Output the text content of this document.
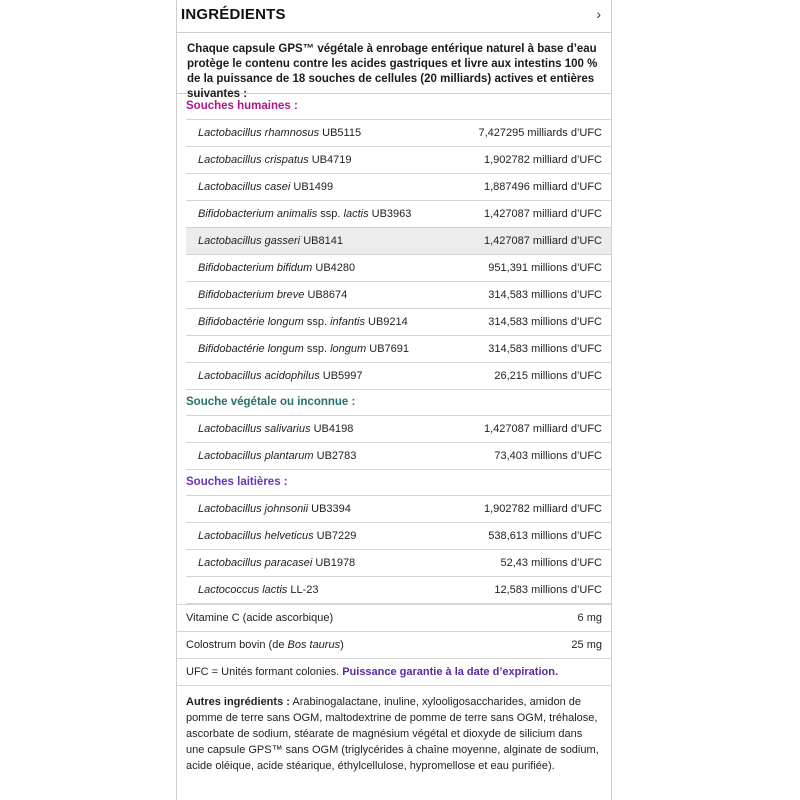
INGRÉDIENTS	›
Chaque capsule GPS™ végétale à enrobage entérique naturel à base d’eau protège le contenu contre les acides gastriques et livre aux intestins 100 % de la puissance de 18 souches de cellules (20 milliards) actives et entières suivantes :
Souches humaines :
Lactobacillus rhamnosus UB5115	7,427295 milliards d’UFC
Lactobacillus crispatus UB4719	1,902782 milliard d’UFC
Lactobacillus casei UB1499	1,887496 milliard d’UFC
Bifidobacterium animalis ssp. lactis UB3963	1,427087 milliard d’UFC
Lactobacillus gasseri UB8141	1,427087 milliard d’UFC
Bifidobacterium bifidum UB4280	951,391 millions d’UFC
Bifidobacterium breve UB8674	314,583 millions d’UFC
Bifidobactérie longum ssp. infantis UB9214	314,583 millions d’UFC
Bifidobactérie longum ssp. longum UB7691	314,583 millions d’UFC
Lactobacillus acidophilus UB5997	26,215 millions d’UFC
Souche végétale ou inconnue :
Lactobacillus salivarius UB4198	1,427087 milliard d’UFC
Lactobacillus plantarum UB2783	73,403 millions d’UFC
Souches laitières :
Lactobacillus johnsonii UB3394	1,902782 milliard d’UFC
Lactobacillus helveticus UB7229	538,613 millions d’UFC
Lactobacillus paracasei UB1978	52,43 millions d’UFC
Lactococcus lactis LL-23	12,583 millions d’UFC
Vitamine C (acide ascorbique)	6 mg
Colostrum bovin (de Bos taurus)	25 mg
UFC = Unités formant colonies. Puissance garantie à la date d’expiration.
Autres ingrédients : Arabinogalactane, inuline, xylooligosaccharides, amidon de pomme de terre sans OGM, maltodextrine de pomme de terre sans OGM, tréhalose, ascorbate de sodium, stéarate de magnésium végétal et dioxyde de silicium dans une capsule GPS™ sans OGM (triglycérides à chaîne moyenne, alginate de sodium, acide oléique, acide stéarique, éthylcellulose, hypromellose et eau purifiée).
